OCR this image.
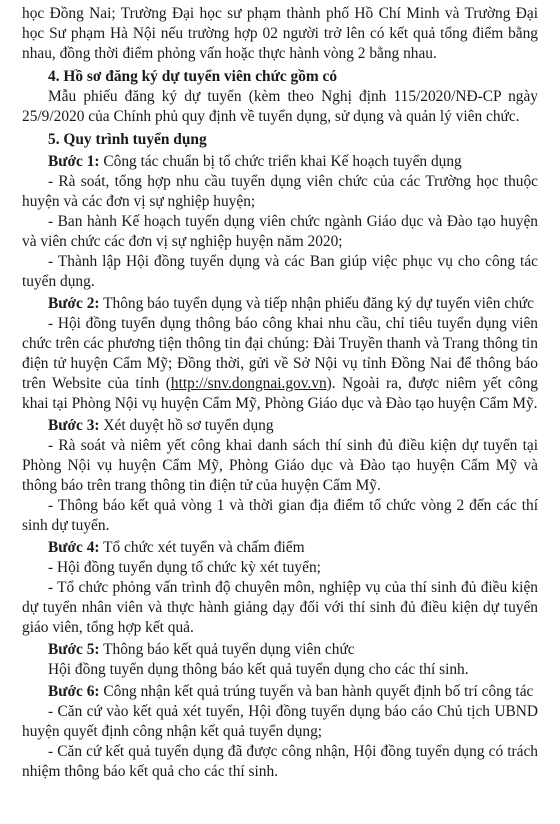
học Đồng Nai; Trường Đại học sư phạm thành phố Hồ Chí Minh và Trường Đại học Sư phạm Hà Nội nếu trường hợp 02 người trở lên có kết quả tổng điểm bằng nhau, đồng thời điểm phỏng vấn hoặc thực hành vòng 2 bằng nhau.

4. Hồ sơ đăng ký dự tuyển viên chức gồm có

Mẫu phiếu đăng ký dự tuyển (kèm theo Nghị định 115/2020/NĐ-CP ngày 25/9/2020 của Chính phủ quy định về tuyển dụng, sử dụng và quản lý viên chức.

5. Quy trình tuyển dụng

Bước 1: Công tác chuẩn bị tổ chức triển khai Kế hoạch tuyển dụng

- Rà soát, tổng hợp nhu cầu tuyển dụng viên chức của các Trường học thuộc huyện và các đơn vị sự nghiệp huyện;

- Ban hành Kế hoạch tuyển dụng viên chức ngành Giáo dục và Đào tạo huyện và viên chức các đơn vị sự nghiệp huyện năm 2020;

- Thành lập Hội đồng tuyển dụng và các Ban giúp việc phục vụ cho công tác tuyển dụng.

Bước 2: Thông báo tuyển dụng và tiếp nhận phiếu đăng ký dự tuyển viên chức

- Hội đồng tuyển dụng thông báo công khai nhu cầu, chỉ tiêu tuyển dụng viên chức trên các phương tiện thông tin đại chúng: Đài Truyền thanh và Trang thông tin điện tử huyện Cẩm Mỹ; Đồng thời, gửi về Sở Nội vụ tỉnh Đồng Nai để thông báo trên Website của tỉnh (http://snv.dongnai.gov.vn). Ngoài ra, được niêm yết công khai tại Phòng Nội vụ huyện Cẩm Mỹ, Phòng Giáo dục và Đào tạo huyện Cẩm Mỹ.

Bước 3: Xét duyệt hồ sơ tuyển dụng

- Rà soát và niêm yết công khai danh sách thí sinh đủ điều kiện dự tuyển tại Phòng Nội vụ huyện Cẩm Mỹ, Phòng Giáo dục và Đào tạo huyện Cẩm Mỹ và thông báo trên trang thông tin điện tử của huyện Cẩm Mỹ.

- Thông báo kết quả vòng 1 và thời gian địa điểm tổ chức vòng 2 đến các thí sinh dự tuyển.

Bước 4: Tổ chức xét tuyển và chấm điểm

- Hội đồng tuyển dụng tổ chức kỳ xét tuyển;

- Tổ chức phỏng vấn trình độ chuyên môn, nghiệp vụ của thí sinh đủ điều kiện dự tuyển nhân viên và thực hành giảng dạy đối với thí sinh đủ điều kiện dự tuyển giáo viên, tổng hợp kết quả.

Bước 5: Thông báo kết quả tuyển dụng viên chức

Hội đồng tuyển dụng thông báo kết quả tuyển dụng cho các thí sinh.

Bước 6: Công nhận kết quả trúng tuyển và ban hành quyết định bố trí công tác

- Căn cứ vào kết quả xét tuyển, Hội đồng tuyển dụng báo cáo Chủ tịch UBND huyện quyết định công nhận kết quả tuyển dụng;

- Căn cứ kết quả tuyển dụng đã được công nhận, Hội đồng tuyển dụng có trách nhiệm thông báo kết quả cho các thí sinh.
